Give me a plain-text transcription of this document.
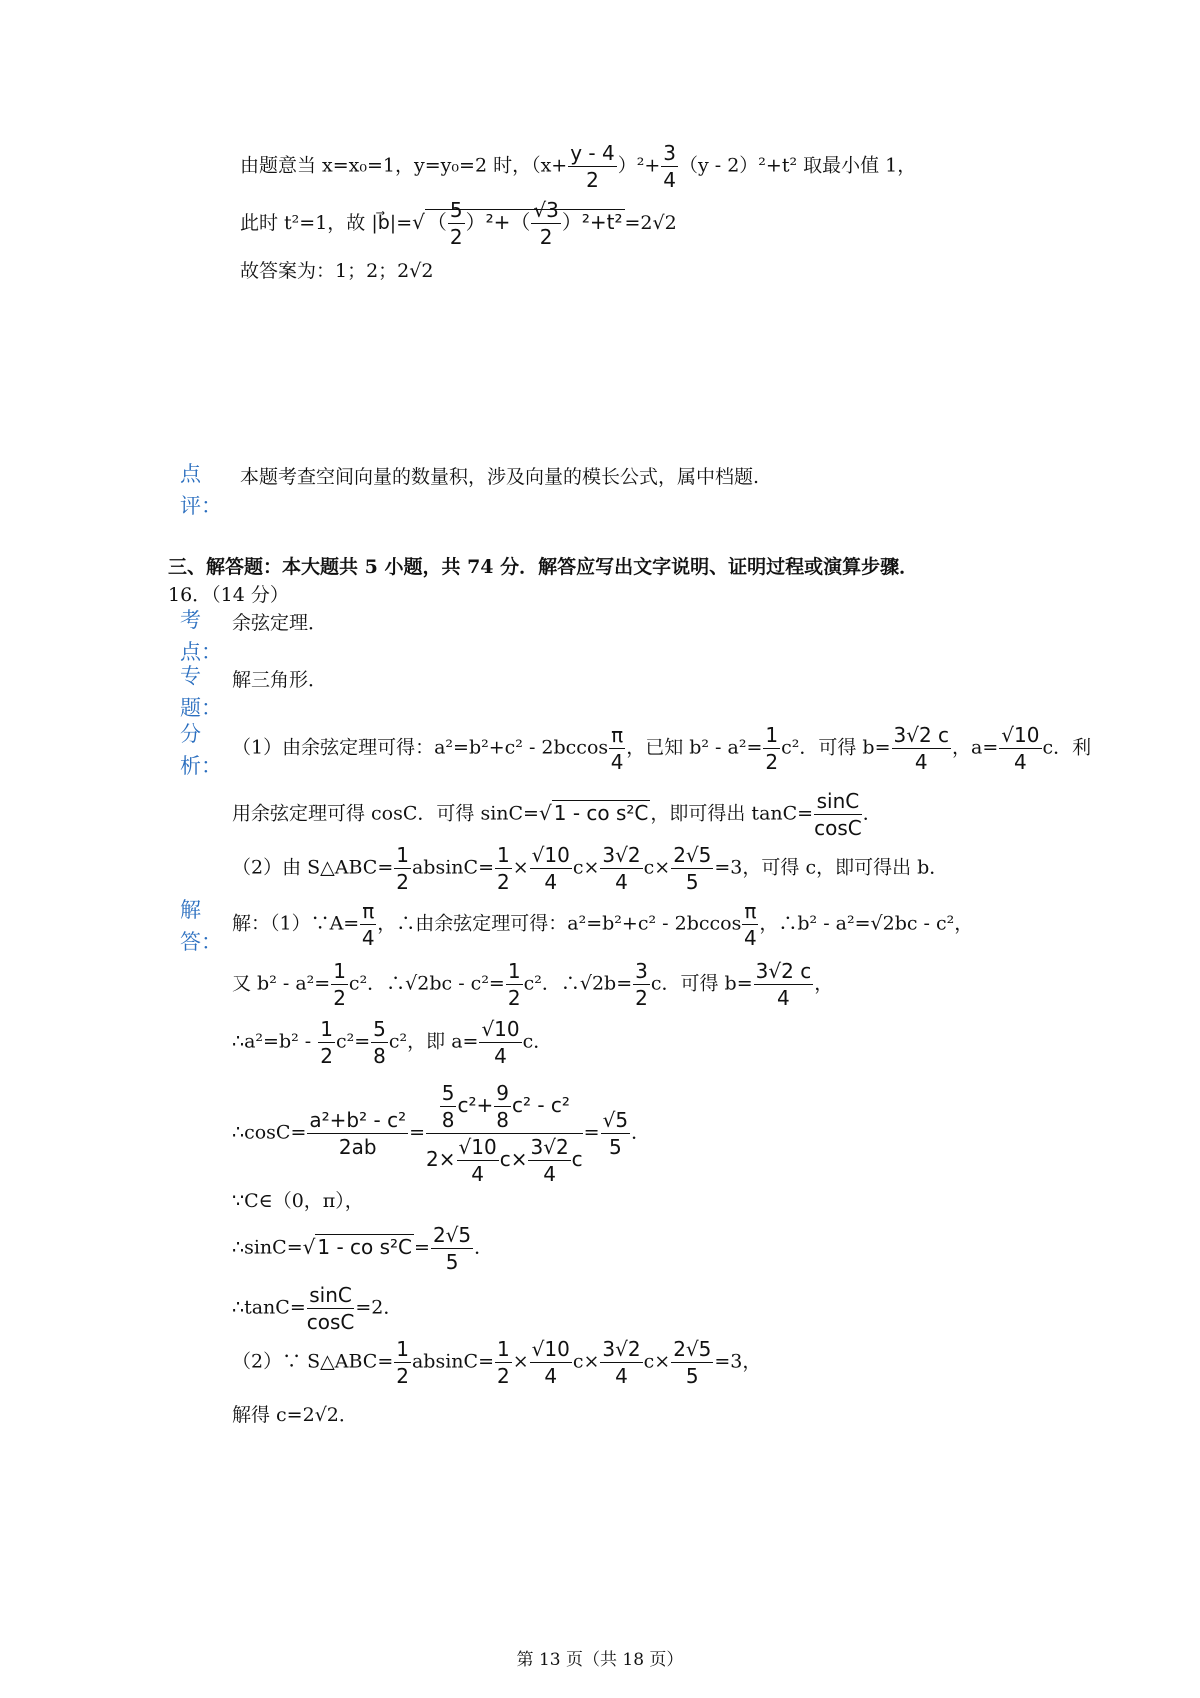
由题意当 x=x₀=1，y=y₀=2 时，$(x+ \frac{y - 4}{2} )^2+ \frac{3}{4} (y - 2)^2+t^2$ 取最小值 1，
此时 t²=1，故 |b⃗|=√ （ $\frac{5}{2} )^2+( \frac{√3}{2} )^2+t^2 =2√2$
故答案为：1；2；2√2
点
评：
本题考查空间向量的数量积，涉及向量的模长公式，属中档题.
三、解答题：本大题共 5 小题，共 74 分．解答应写出文字说明、证明过程或演算步骤．
16．（14 分）
考
点：
余弦定理．
专
题：
解三角形．
分
析：
（1）由余弦定理可得：$a^2=b^2+c^2 - 2bccos \frac{\pi}{4}$ ，已知 $b^2 - a^2= \frac{1}{2} c^2$．可得 $b= \frac{3√2 c}{4}$ ，$a= \frac{√10}{4}$ c．利
用余弦定理可得 cosC．可得 sinC=√ 1 - co s²C ，即可得出 $\tan C= \frac{\sin C}{\cos C}$ ．
（2）由 S△ABC= $\frac{1}{2} absinC= \frac{1}{2} \times \frac{√10}{4} c\times \frac{3√2}{4} c\times \frac{2√5}{5} =3$，可得 c，即可得出 b．
解
答：
解：（1）∵A= $\frac{\pi}{4}$ ，∴由余弦定理可得：$a^2=b^2+c^2 - 2bccos \frac{\pi}{4}$ ，∴b² - a²=√2bc - c²，
又 $b^2 - a^2= \frac{1}{2} c^2$．∴√2bc - $c^2= \frac{1}{2} c^2$．∴√2b= $\frac{3}{2}$ c．可得 $b= \frac{3√2 c}{4}$ ，
∴a²=b² - $\frac{1}{2} c^2= \frac{5}{8} c^2$，即 $a= \frac{√10}{4}$ c．
∴cosC= $\frac{\text{a²+b² - c²}}{2ab} = \frac{\frac{5}{8} c^2+ \frac{9}{8} c^2 - c^2}{2\times \frac{√10}{4} c\times \frac{3√2}{4} c} = \frac{√5}{5}$ ．
∵C∈（0，π），
∴sinC=√ 1 - co $s^2C = \frac{2√5}{5}$ ．
∴tanC= $\frac{\sin C}{\cos C} =2$．
（2）∵ S△ABC= $\frac{1}{2} absinC= \frac{1}{2} \times \frac{√10}{4} c\times \frac{3√2}{4} c\times \frac{2√5}{5} =3$，
解得 c=2√2．
第 13 页（共 18 页）
